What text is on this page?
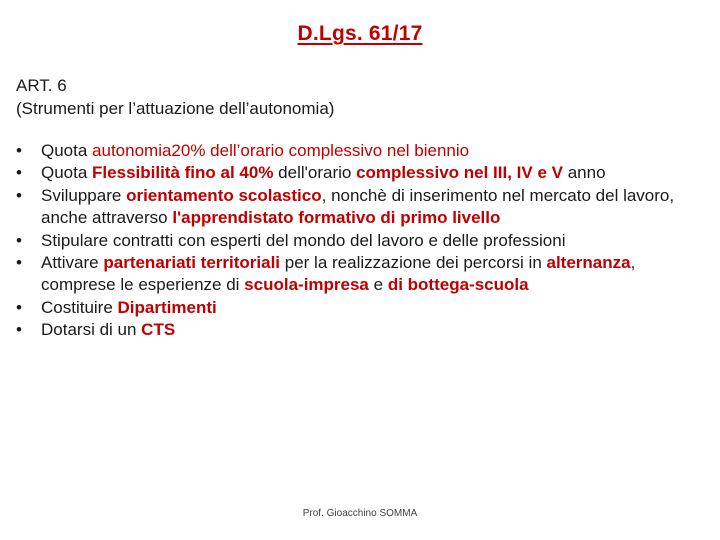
D.Lgs. 61/17
ART. 6
(Strumenti per l’attuazione dell’autonomia)
•	Quota autonomia20% dell’orario complessivo nel biennio
•	Quota Flessibilità fino al 40% dell'orario complessivo nel III, IV e V anno
•	Sviluppare orientamento scolastico, nonchè di inserimento nel mercato del lavoro, anche attraverso l'apprendistato formativo di primo livello
•	Stipulare contratti con esperti del mondo del lavoro e delle professioni
•	Attivare partenariati territoriali per la realizzazione dei percorsi in alternanza, comprese le esperienze di scuola-impresa e di bottega-scuola
•	Costituire Dipartimenti
•	Dotarsi di un CTS
Prof. Gioacchino SOMMA
